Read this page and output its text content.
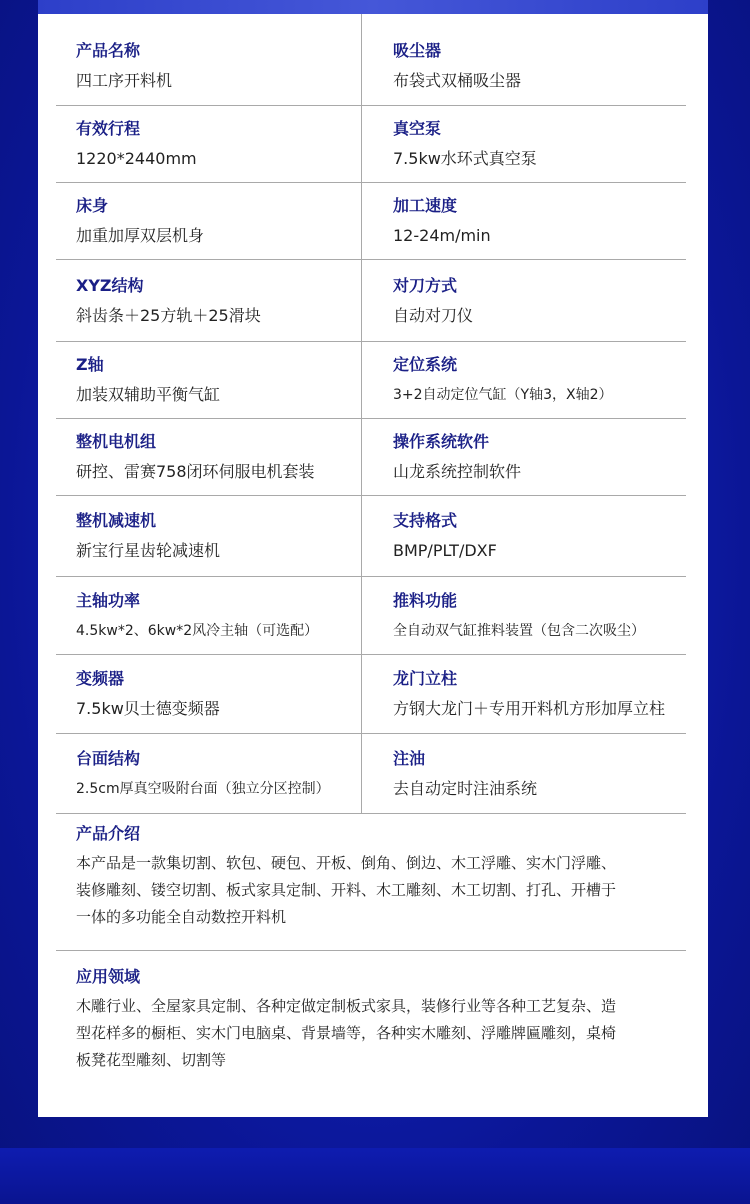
产品名称
四工序开料机
吸尘器
布袋式双桶吸尘器
有效行程
1220*2440mm
真空泵
7.5kw水环式真空泵
床身
加重加厚双层机身
加工速度
12-24m/min
XYZ结构
斜齿条＋25方轨＋25滑块
对刀方式
自动对刀仪
Z轴
加装双辅助平衡气缸
定位系统
3+2自动定位气缸（Y轴3，X轴2）
整机电机组
研控、雷赛758闭环伺服电机套装
操作系统软件
山龙系统控制软件
整机减速机
新宝行星齿轮减速机
支持格式
BMP/PLT/DXF
主轴功率
4.5kw*2、6kw*2风冷主轴（可选配）
推料功能
全自动双气缸推料装置（包含二次吸尘）
变频器
7.5kw贝士德变频器
龙门立柱
方钢大龙门＋专用开料机方形加厚立柱
台面结构
2.5cm厚真空吸附台面（独立分区控制）
注油
去自动定时注油系统
产品介绍
本产品是一款集切割、软包、硬包、开板、倒角、倒边、木工浮雕、实木门浮雕、
装修雕刻、镂空切割、板式家具定制、开料、木工雕刻、木工切割、打孔、开槽于
一体的多功能全自动数控开料机
应用领域
木雕行业、全屋家具定制、各种定做定制板式家具，装修行业等各种工艺复杂、造
型花样多的橱柜、实木门电脑桌、背景墙等，各种实木雕刻、浮雕牌匾雕刻，桌椅
板凳花型雕刻、切割等
